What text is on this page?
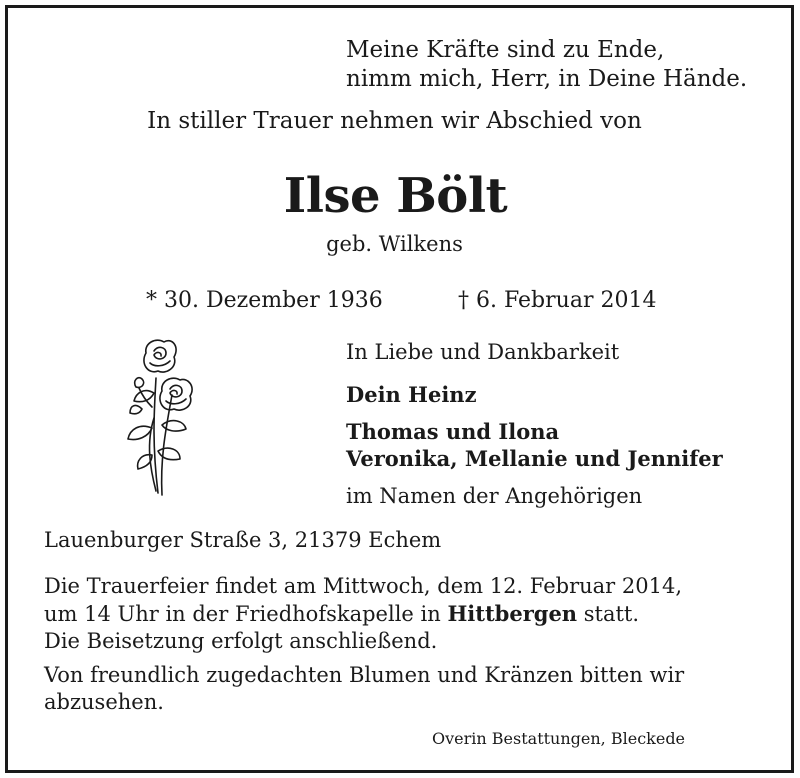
Meine Kräfte sind zu Ende,
nimm mich, Herr, in Deine Hände.
In stiller Trauer nehmen wir Abschied von
Ilse Bölt
geb. Wilkens
* 30. Dezember 1936	† 6. Februar 2014
In Liebe und Dankbarkeit
Dein Heinz
Thomas und Ilona
Veronika, Mellanie und Jennifer
im Namen der Angehörigen
Lauenburger Straße 3, 21379 Echem
Die Trauerfeier findet am Mittwoch, dem 12. Februar 2014,
um 14 Uhr in der Friedhofskapelle in Hittbergen statt.
Die Beisetzung erfolgt anschließend.
Von freundlich zugedachten Blumen und Kränzen bitten wir
abzusehen.
Overin Bestattungen, Bleckede
